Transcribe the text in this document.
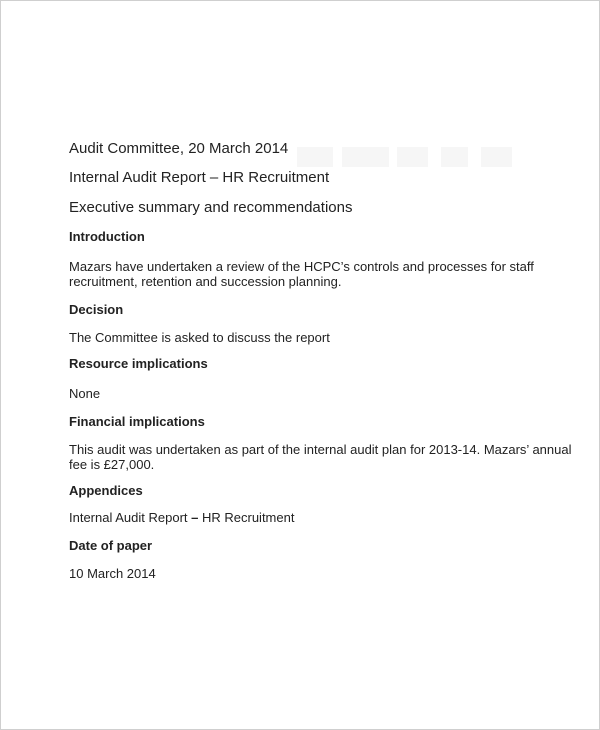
Audit Committee, 20 March 2014
Internal Audit Report – HR Recruitment
Executive summary and recommendations
Introduction
Mazars have undertaken a review of the HCPC’s controls and processes for staff
recruitment, retention and succession planning.
Decision
The Committee is asked to discuss the report
Resource implications
None
Financial implications
This audit was undertaken as part of the internal audit plan for 2013-14. Mazars’ annual
fee is £27,000.
Appendices
Internal Audit Report – HR Recruitment
Date of paper
10 March 2014
